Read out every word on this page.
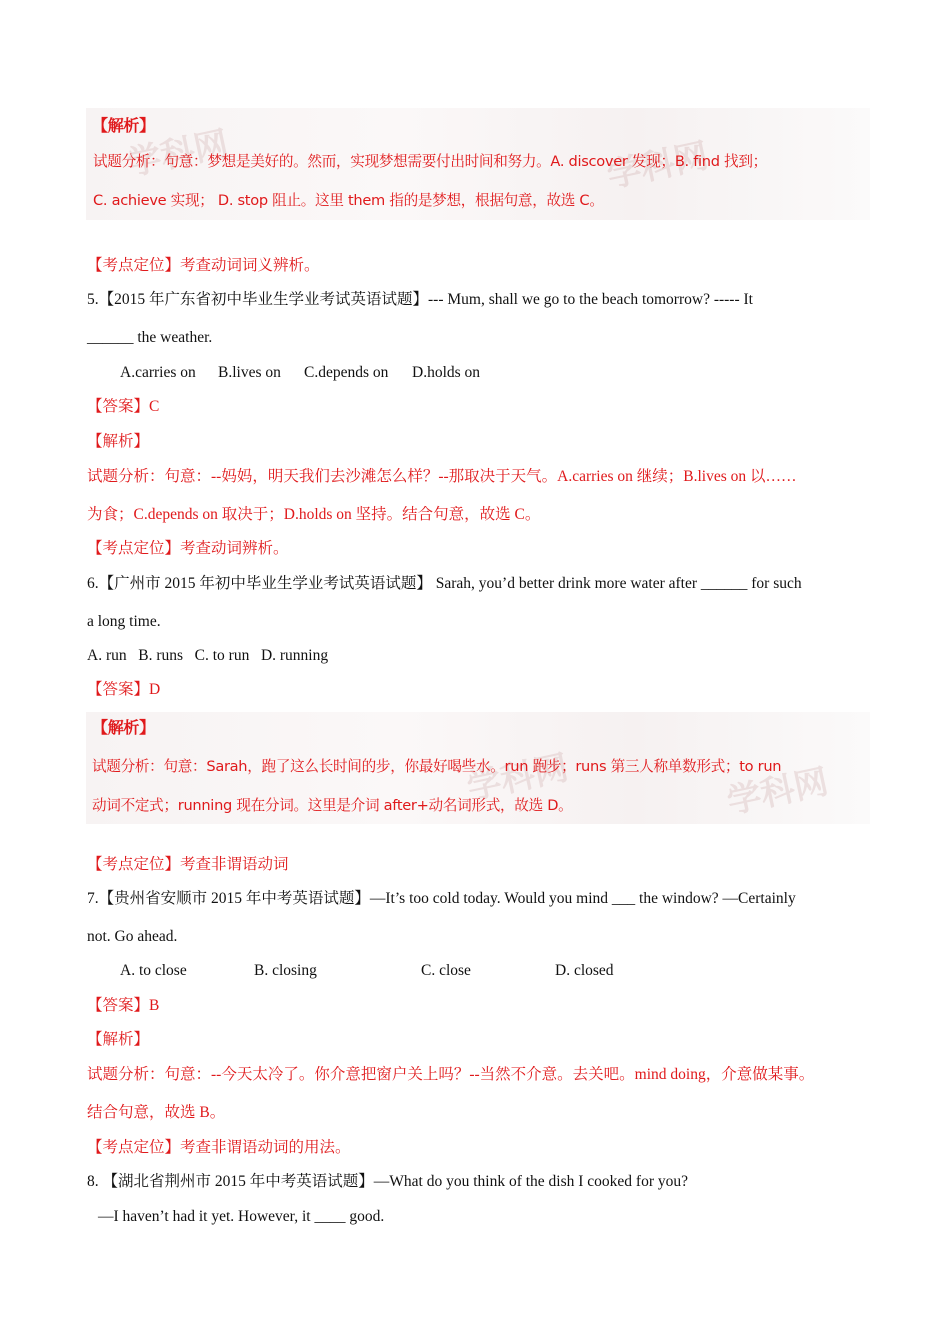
学科网	学科网
【解析】
试题分析：句意：梦想是美好的。然而，实现梦想需要付出时间和努力。A. discover 发现；B. find 找到；
C. achieve 实现； D. stop 阻止。这里 them 指的是梦想，根据句意，故选 C。
【考点定位】考查动词词义辨析。
5.【2015 年广东省初中毕业生学业考试英语试题】--- Mum, shall we go to the beach tomorrow? ----- It
______ the weather.
A.carries on B.lives on C.depends on D.holds on
【答案】C
【解析】
试题分析：句意：--妈妈，明天我们去沙滩怎么样？--那取决于天气。A.carries on 继续；B.lives on 以……
为食；C.depends on 取决于；D.holds on 坚持。结合句意，故选 C。
【考点定位】考查动词辨析。
6.【广州市 2015 年初中毕业生学业考试英语试题】 Sarah, you’d better drink more water after ______ for such
a long time.
A. run   B. runs   C. to run   D. running
【答案】D
学科网	学科网
【解析】
试题分析：句意：Sarah，跑了这么长时间的步，你最好喝些水。run 跑步；runs 第三人称单数形式；to run
动词不定式；running 现在分词。这里是介词 after+动名词形式，故选 D。
【考点定位】考查非谓语动词
7.【贵州省安顺市 2015 年中考英语试题】—It’s too cold today. Would you mind ___ the window? —Certainly
not. Go ahead.
A. to close	B. closing	C. close	D. closed
【答案】B
【解析】
试题分析：句意：--今天太冷了。你介意把窗户关上吗？--当然不介意。去关吧。mind doing，介意做某事。
结合句意，故选 B。
【考点定位】考查非谓语动词的用法。
8. 【湖北省荆州市 2015 年中考英语试题】—What do you think of the dish I cooked for you?
—I haven’t had it yet. However, it ____ good.
